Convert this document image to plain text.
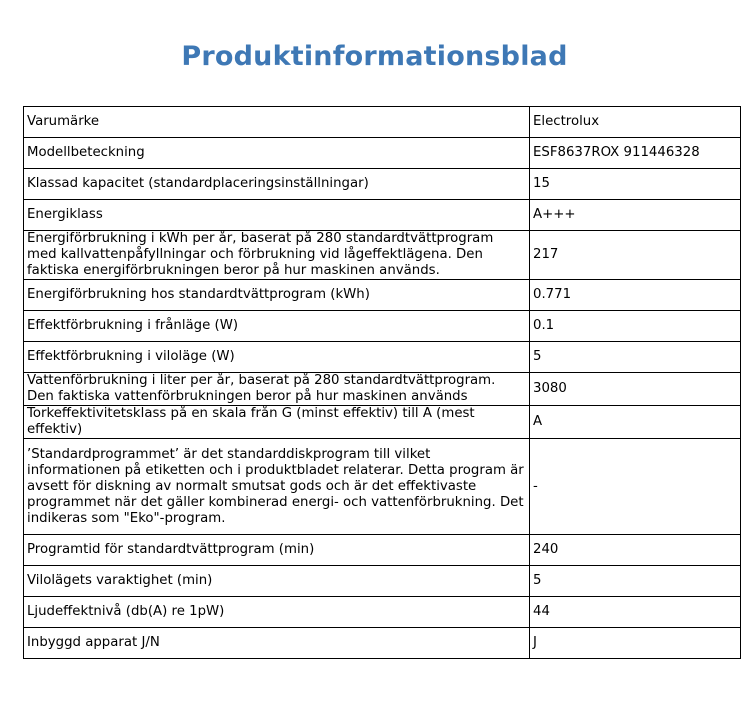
Produktinformationsblad
Varumärke	Electrolux
Modellbeteckning	ESF8637ROX 911446328
Klassad kapacitet (standardplaceringsinställningar)	15
Energiklass	A+++
Energiförbrukning i kWh per år, baserat på 280 standardtvättprogram med kallvattenpåfyllningar och förbrukning vid lågeffektlägena. Den faktiska energiförbrukningen beror på hur maskinen används.	217
Energiförbrukning hos standardtvättprogram (kWh)	0.771
Effektförbrukning i frånläge (W)	0.1
Effektförbrukning i viloläge (W)	5
Vattenförbrukning i liter per år, baserat på 280 standardtvättprogram. Den faktiska vattenförbrukningen beror på hur maskinen används	3080
Torkeffektivitetsklass på en skala från G (minst effektiv) till A (mest effektiv)	A
’Standardprogrammet’ är det standarddiskprogram till vilket informationen på etiketten och i produktbladet relaterar. Detta program är avsett för diskning av normalt smutsat gods och är det effektivaste programmet när det gäller kombinerad energi- och vattenförbrukning. Det indikeras som "Eko"-program.	-
Programtid för standardtvättprogram (min)	240
Vilolägets varaktighet (min)	5
Ljudeffektnivå (db(A) re 1pW)	44
Inbyggd apparat J/N	J
